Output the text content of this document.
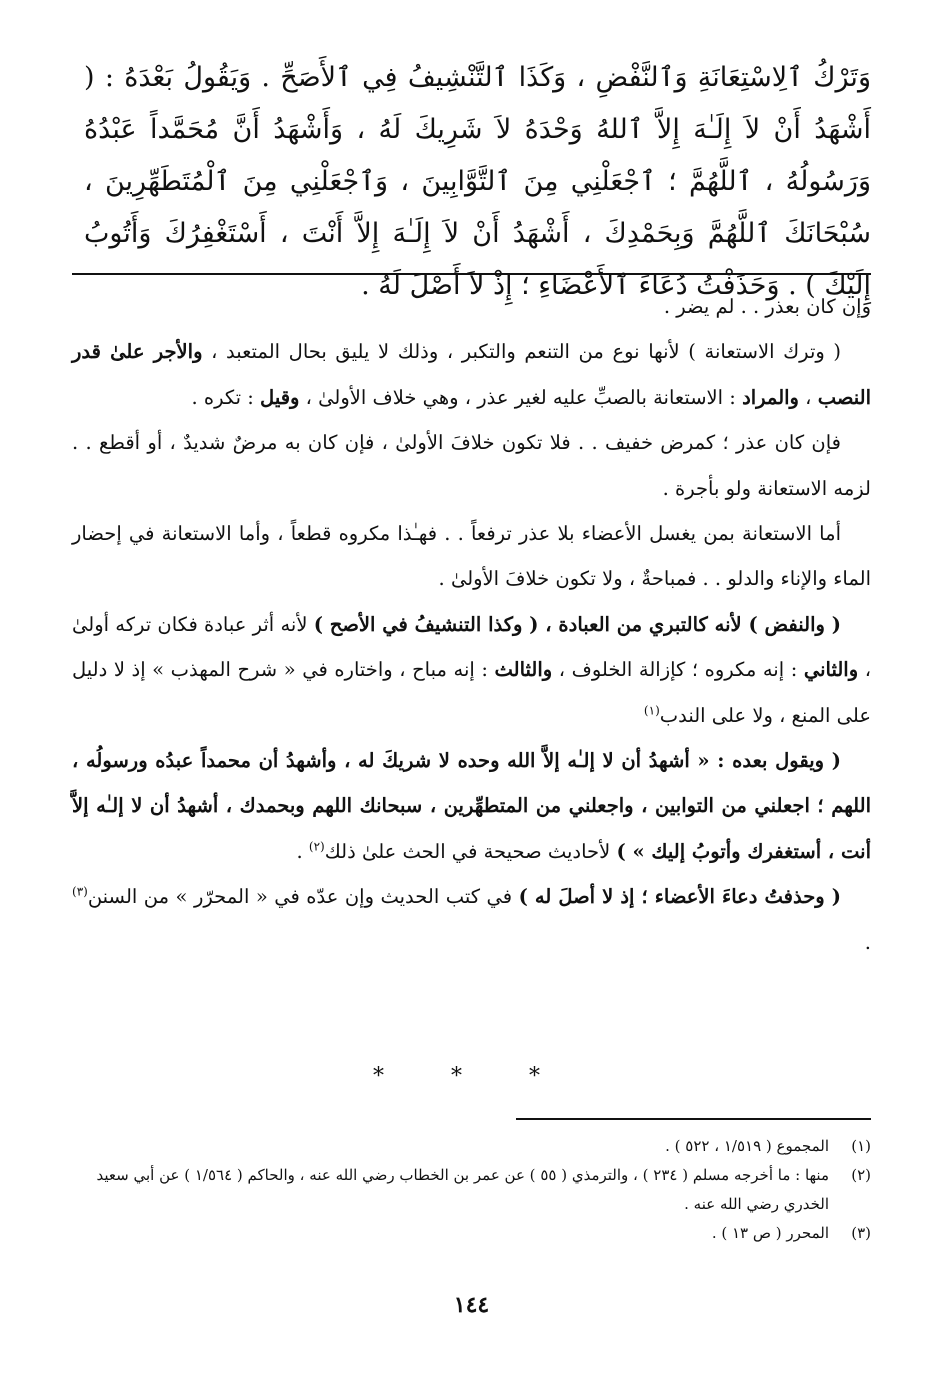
وَتَرْكُ ٱلِاسْتِعَانَةِ وَٱلنَّفْضِ ، وَكَذَا ٱلتَّنْشِيفُ فِي ٱلأَصَحِّ . وَيَقُولُ بَعْدَهُ : ( أَشْهَدُ أَنْ لاَ إِلَـٰهَ إِلاَّ ٱللهُ وَحْدَهُ لاَ شَرِيكَ لَهُ ، وَأَشْهَدُ أَنَّ مُحَمَّداً عَبْدُهُ وَرَسُولُهُ ، ٱللَّهُمَّ ؛ ٱجْعَلْنِي مِنَ ٱلتَّوَّابِينَ ، وَٱجْعَلْنِي مِنَ ٱلْمُتَطَهِّرِينَ ، سُبْحَانَكَ ٱللَّهُمَّ وَبِحَمْدِكَ ، أَشْهَدُ أَنْ لاَ إِلَـٰهَ إِلاَّ أَنْتَ ، أَسْتَغْفِرُكَ وَأَتُوبُ إِلَيْكَ ) . وَحَذَفْتُ دُعَاءَ ٱلأَعْضَاءِ ؛ إِذْ لاَ أَصْلَ لَهُ .

وإن كان بعذر . . لم يضر .

( وترك الاستعانة ) لأنها نوع من التنعم والتكبر ، وذلك لا يليق بحال المتعبد ، والأجر علىٰ قدر النصب ، والمراد : الاستعانة بالصبِّ عليه لغير عذر ، وهي خلاف الأولىٰ ، وقيل : تكره .

فإن كان عذر ؛ كمرض خفيف . . فلا تكون خلافَ الأولىٰ ، فإن كان به مرضٌ شديدٌ ، أو أقطع . . لزمه الاستعانة ولو بأجرة .

أما الاستعانة بمن يغسل الأعضاء بلا عذر ترفعاً . . فهـٰذا مكروه قطعاً ، وأما الاستعانة في إحضار الماء والإناء والدلو . . فمباحةٌ ، ولا تكون خلافَ الأولىٰ .

( والنفض ) لأنه كالتبري من العبادة ، ( وكذا التنشيفُ في الأصح ) لأنه أثر عبادة فكان تركه أولىٰ ، والثاني : إنه مكروه ؛ كإزالة الخلوف ، والثالث : إنه مباح ، واختاره في « شرح المهذب » إذ لا دليل على المنع ، ولا على الندب$^{(١)}$

( ويقول بعده : « أشهدُ أن لا إلـٰه إلاَّ الله وحده لا شريكَ له ، وأشهدُ أن محمداً عبدُه ورسولُه ، اللهم ؛ اجعلني من التوابين ، واجعلني من المتطهِّرين ، سبحانك اللهم وبحمدك ، أشهدُ أن لا إلـٰه إلاَّ أنت ، أستغفرك وأتوبُ إليك » ) لأحاديث صحيحة في الحث علىٰ ذلك$^{(٢)}$ .

( وحذفتُ دعاءَ الأعضاء ؛ إذ لا أصلَ له ) في كتب الحديث وإن عدّه في « المحرّر » من السنن$^{(٣)}$ .

* * *
(١)
المجموع ( ١/٥١٩ ، ٥٢٢ ) .
(٢)
منها : ما أخرجه مسلم ( ٢٣٤ ) ، والترمذي ( ٥٥ ) عن عمر بن الخطاب رضي الله عنه ، والحاكم ( ١/٥٦٤ ) عن أبي سعيد الخدري رضي الله عنه .
(٣)
المحرر ( ص ١٣ ) .
١٤٤
